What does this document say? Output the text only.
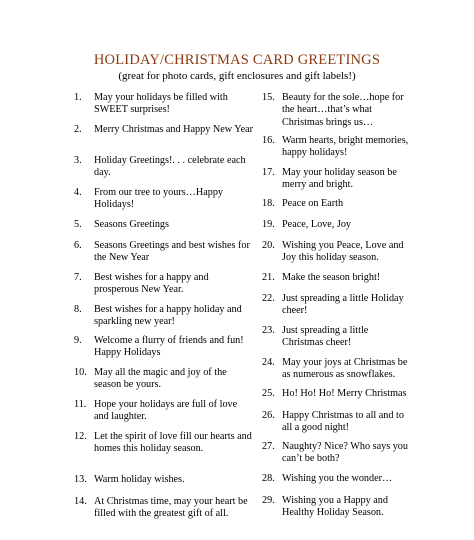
HOLIDAY/CHRISTMAS CARD GREETINGS
(great for photo cards, gift enclosures and gift labels!)
1. May your holidays be filled with SWEET surprises!
2. Merry Christmas and Happy New Year
3. Holiday Greetings!. . . celebrate each day.
4. From our tree to yours…Happy Holidays!
5. Seasons Greetings
6. Seasons Greetings and best wishes for the New Year
7. Best wishes for a happy and prosperous New Year.
8. Best wishes for a happy holiday and sparkling new year!
9. Welcome a flurry of friends and fun! Happy Holidays
10. May all the magic and joy of the season be yours.
11. Hope your holidays are full of love and laughter.
12. Let the spirit of love fill our hearts and homes this holiday season.
13. Warm holiday wishes.
14. At Christmas time, may your heart be filled with the greatest gift of all.
15. Beauty for the sole…hope for the heart…that’s what Christmas brings us…
16. Warm hearts, bright memories, happy holidays!
17. May your holiday season be merry and bright.
18. Peace on Earth
19. Peace, Love, Joy
20. Wishing you Peace, Love and Joy this holiday season.
21. Make the season bright!
22. Just spreading a little Holiday cheer!
23. Just spreading a little Christmas cheer!
24. May your joys at Christmas be as numerous as snowflakes.
25. Ho! Ho! Ho! Merry Christmas
26. Happy Christmas to all and to all a good night!
27. Naughty? Nice? Who says you can’t be both?
28. Wishing you the wonder…
29. Wishing you a Happy and Healthy Holiday Season.
